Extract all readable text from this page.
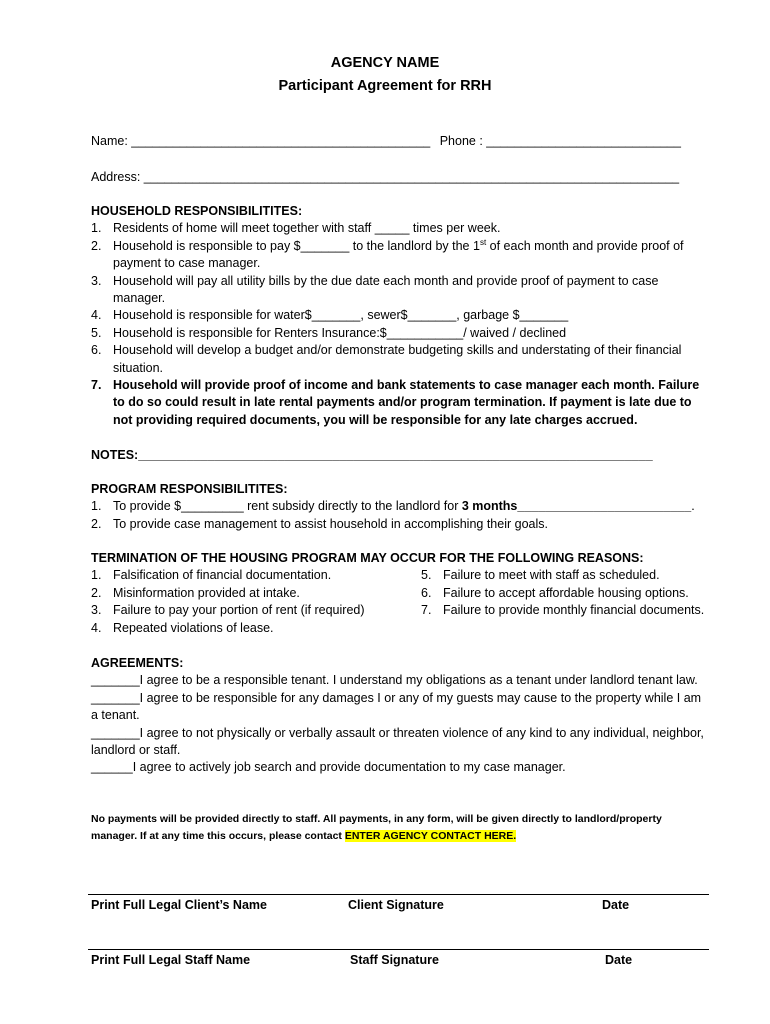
AGENCY NAME
Participant Agreement for RRH
Name: ___________________________________________ Phone : ____________________________
Address: _____________________________________________________________________________
HOUSEHOLD RESPONSIBILITITES:
1. Residents of home will meet together with staff _____ times per week.
2. Household is responsible to pay $_______ to the landlord by the 1st of each month and provide proof of payment to case manager.
3. Household will pay all utility bills by the due date each month and provide proof of payment to case manager.
4. Household is responsible for water$_______, sewer$_______, garbage $_______
5. Household is responsible for Renters Insurance:$___________/ waived / declined
6. Household will develop a budget and/or demonstrate budgeting skills and understating of their financial situation.
7. Household will provide proof of income and bank statements to case manager each month. Failure to do so could result in late rental payments and/or program termination. If payment is late due to not providing required documents, you will be responsible for any late charges accrued.
NOTES:__________________________________________________________________________
PROGRAM RESPONSIBILITITES:
1. To provide $_________ rent subsidy directly to the landlord for 3 months_________________________.
2. To provide case management to assist household in accomplishing their goals.
TERMINATION OF THE HOUSING PROGRAM MAY OCCUR FOR THE FOLLOWING REASONS:
1. Falsification of financial documentation.
2. Misinformation provided at intake.
3. Failure to pay your portion of rent (if required)
4. Repeated violations of lease.
5. Failure to meet with staff as scheduled.
6. Failure to accept affordable housing options.
7. Failure to provide monthly financial documents.
AGREEMENTS:
_______I agree to be a responsible tenant. I understand my obligations as a tenant under landlord tenant law.
_______I agree to be responsible for any damages I or any of my guests may cause to the property while I am a tenant.
_______I agree to not physically or verbally assault or threaten violence of any kind to any individual, neighbor, landlord or staff.
______I agree to actively job search and provide documentation to my case manager.
No payments will be provided directly to staff. All payments, in any form, will be given directly to landlord/property manager. If at any time this occurs, please contact ENTER AGENCY CONTACT HERE.
Print Full Legal Client’s Name	Client Signature	Date
Print Full Legal Staff Name	Staff Signature	Date
